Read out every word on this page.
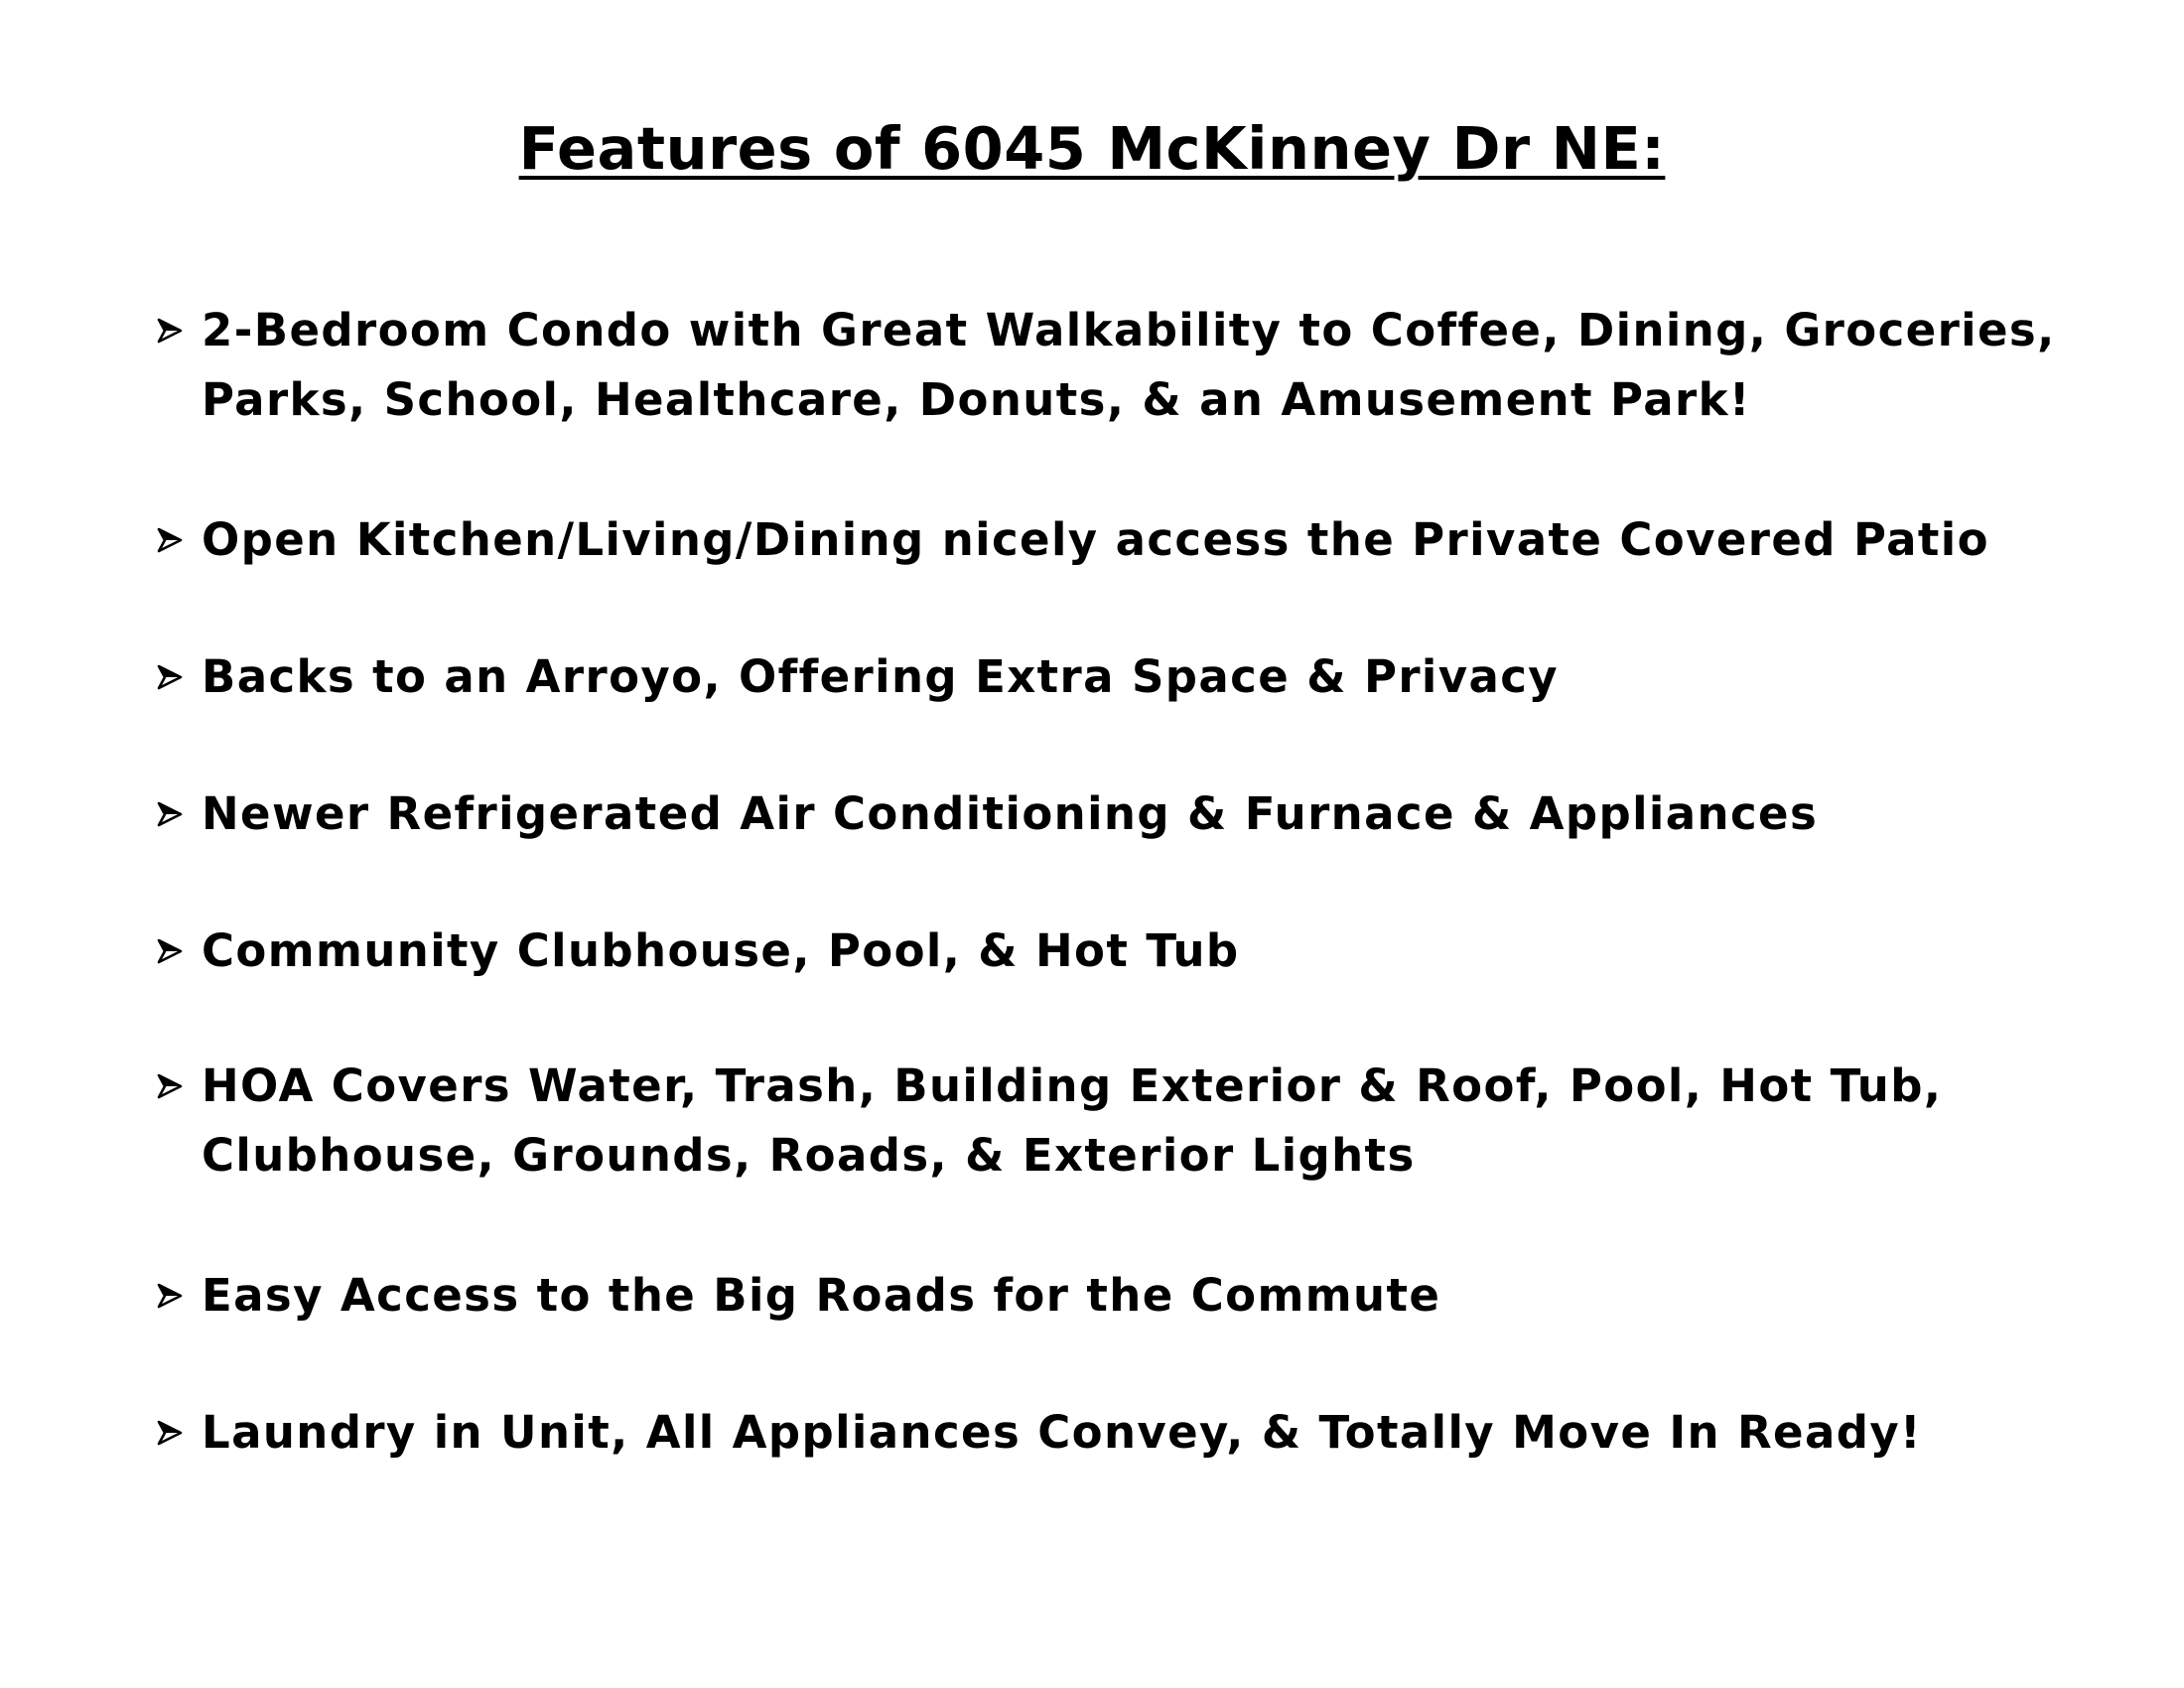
Features of 6045 McKinney Dr NE:
2-Bedroom Condo with Great Walkability to Coffee, Dining, Groceries, Parks, School, Healthcare, Donuts, & an Amusement Park!
Open Kitchen/Living/Dining nicely access the Private Covered Patio
Backs to an Arroyo, Offering Extra Space & Privacy
Newer Refrigerated Air Conditioning & Furnace & Appliances
Community Clubhouse, Pool, & Hot Tub
HOA Covers Water, Trash, Building Exterior & Roof, Pool, Hot Tub, Clubhouse, Grounds, Roads, & Exterior Lights
Easy Access to the Big Roads for the Commute
Laundry in Unit, All Appliances Convey, & Totally Move In Ready!
